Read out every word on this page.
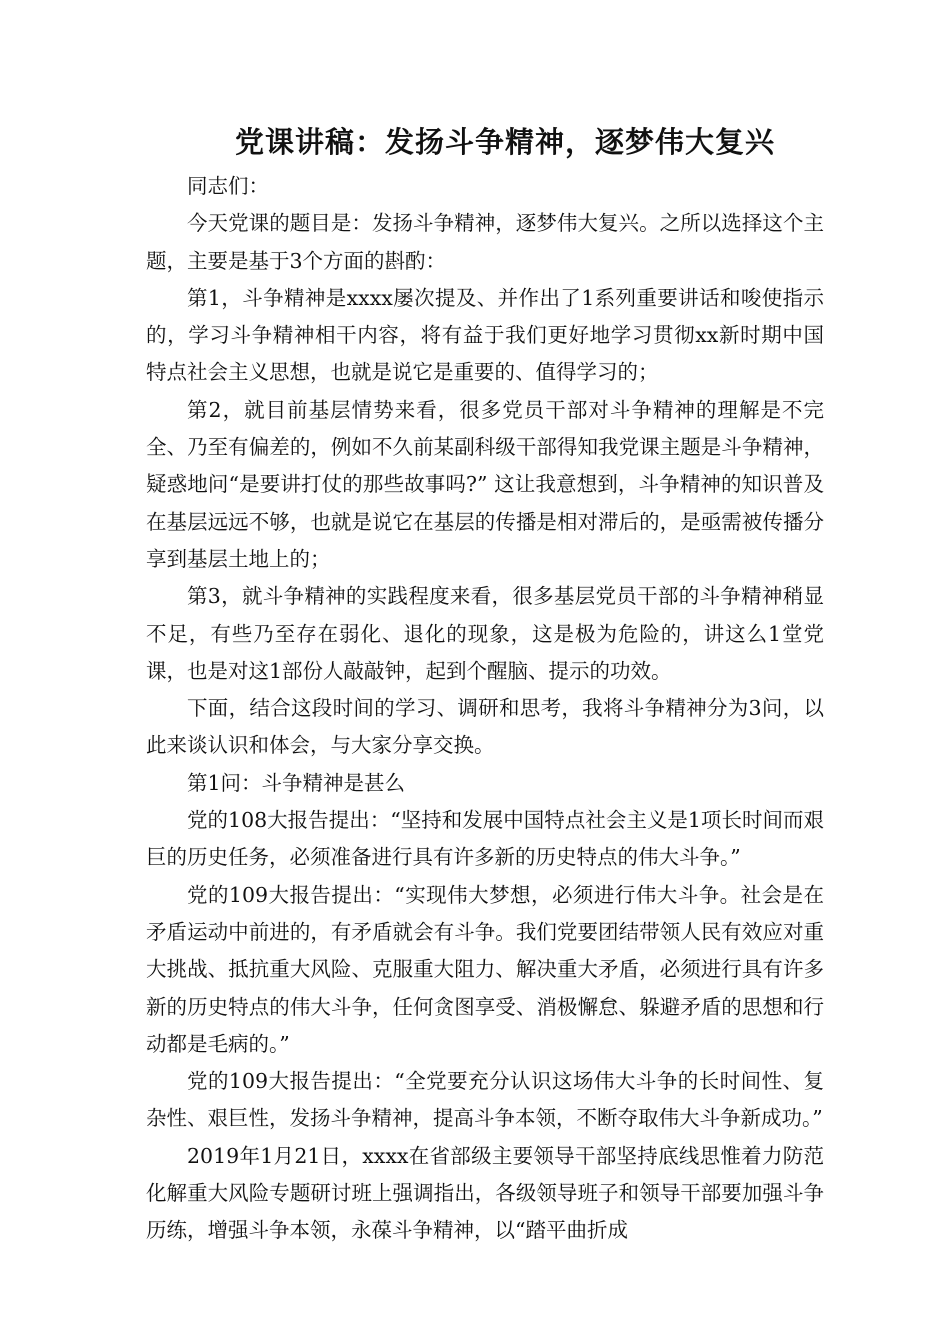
党课讲稿：发扬斗争精神，逐梦伟大复兴

同志们：

今天党课的题目是：发扬斗争精神，逐梦伟大复兴。之所以选择这个主题，主要是基于3个方面的斟酌：

第1，斗争精神是xxxx屡次提及、并作出了1系列重要讲话和唆使指示的，学习斗争精神相干内容，将有益于我们更好地学习贯彻xx新时期中国特点社会主义思想，也就是说它是重要的、值得学习的；

第2，就目前基层情势来看，很多党员干部对斗争精神的理解是不完全、乃至有偏差的，例如不久前某副科级干部得知我党课主题是斗争精神，疑惑地问“是要讲打仗的那些故事吗?” 这让我意想到，斗争精神的知识普及在基层远远不够，也就是说它在基层的传播是相对滞后的，是亟需被传播分享到基层土地上的；

第3，就斗争精神的实践程度来看，很多基层党员干部的斗争精神稍显不足，有些乃至存在弱化、退化的现象，这是极为危险的，讲这么1堂党课，也是对这1部份人敲敲钟，起到个醒脑、提示的功效。

下面，结合这段时间的学习、调研和思考，我将斗争精神分为3问，以此来谈认识和体会，与大家分享交换。

第1问：斗争精神是甚么

党的108大报告提出：“坚持和发展中国特点社会主义是1项长时间而艰巨的历史任务，必须准备进行具有许多新的历史特点的伟大斗争。”

党的109大报告提出：“实现伟大梦想，必须进行伟大斗争。社会是在矛盾运动中前进的，有矛盾就会有斗争。我们党要团结带领人民有效应对重大挑战、抵抗重大风险、克服重大阻力、解决重大矛盾，必须进行具有许多新的历史特点的伟大斗争，任何贪图享受、消极懈怠、躲避矛盾的思想和行动都是毛病的。”

党的109大报告提出：“全党要充分认识这场伟大斗争的长时间性、复杂性、艰巨性，发扬斗争精神，提高斗争本领，不断夺取伟大斗争新成功。”

2019年1月21日，xxxx在省部级主要领导干部坚持底线思惟着力防范化解重大风险专题研讨班上强调指出，各级领导班子和领导干部要加强斗争历练，增强斗争本领，永葆斗争精神，以“踏平曲折成
